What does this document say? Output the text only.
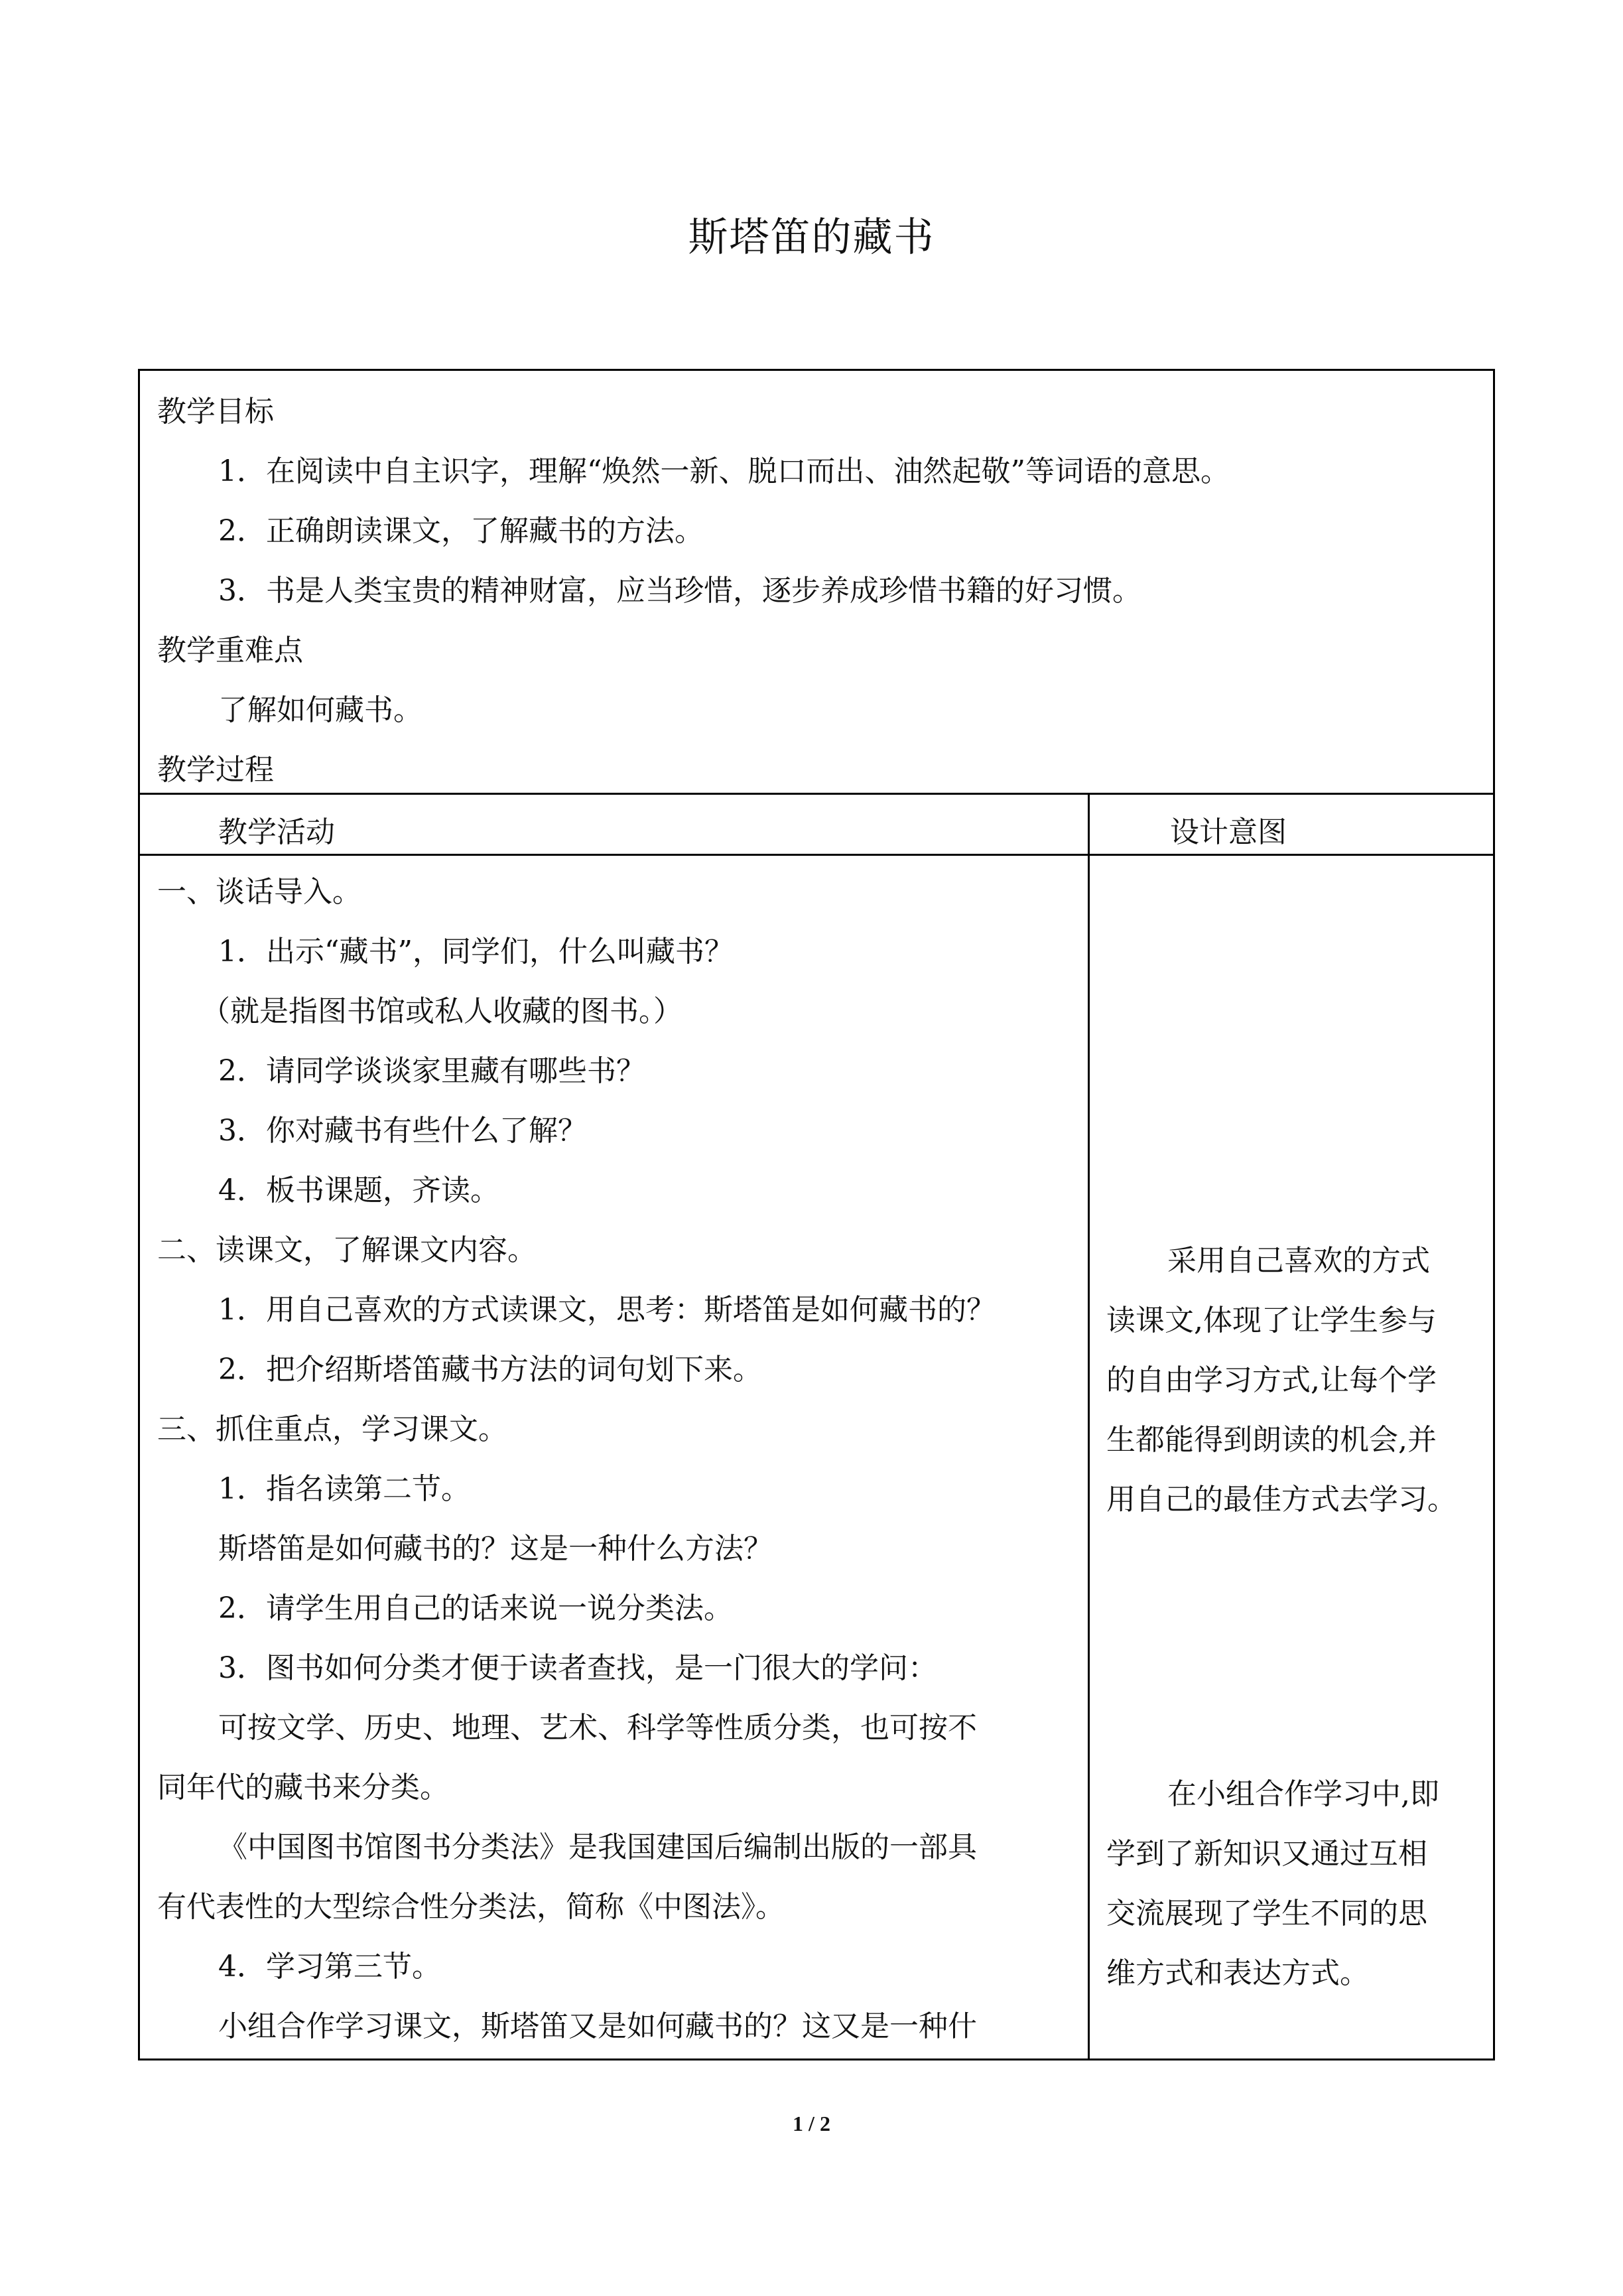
斯塔笛的藏书
教学目标
1．在阅读中自主识字，理解“焕然一新、脱口而出、油然起敬”等词语的意思。
2．正确朗读课文，了解藏书的方法。
3．书是人类宝贵的精神财富，应当珍惜，逐步养成珍惜书籍的好习惯。
教学重难点
了解如何藏书。
教学过程
教学活动	设计意图
一、谈话导入。
1．出示“藏书”，同学们，什么叫藏书？
（就是指图书馆或私人收藏的图书。）
2．请同学谈谈家里藏有哪些书？
3．你对藏书有些什么了解？
4．板书课题，齐读。
二、读课文，了解课文内容。
1．用自己喜欢的方式读课文，思考：斯塔笛是如何藏书的？
2．把介绍斯塔笛藏书方法的词句划下来。
三、抓住重点，学习课文。
1．指名读第二节。
斯塔笛是如何藏书的？这是一种什么方法？
2．请学生用自己的话来说一说分类法。
3．图书如何分类才便于读者查找，是一门很大的学问：
可按文学、历史、地理、艺术、科学等性质分类，也可按不
同年代的藏书来分类。
《中国图书馆图书分类法》是我国建国后编制出版的一部具
有代表性的大型综合性分类法，简称《中图法》。
4．学习第三节。
小组合作学习课文，斯塔笛又是如何藏书的？这又是一种什
采用自己喜欢的方式
读课文,体现了让学生参与
的自由学习方式,让每个学
生都能得到朗读的机会,并
用自己的最佳方式去学习。
在小组合作学习中,即
学到了新知识又通过互相
交流展现了学生不同的思
维方式和表达方式。
1 / 2
